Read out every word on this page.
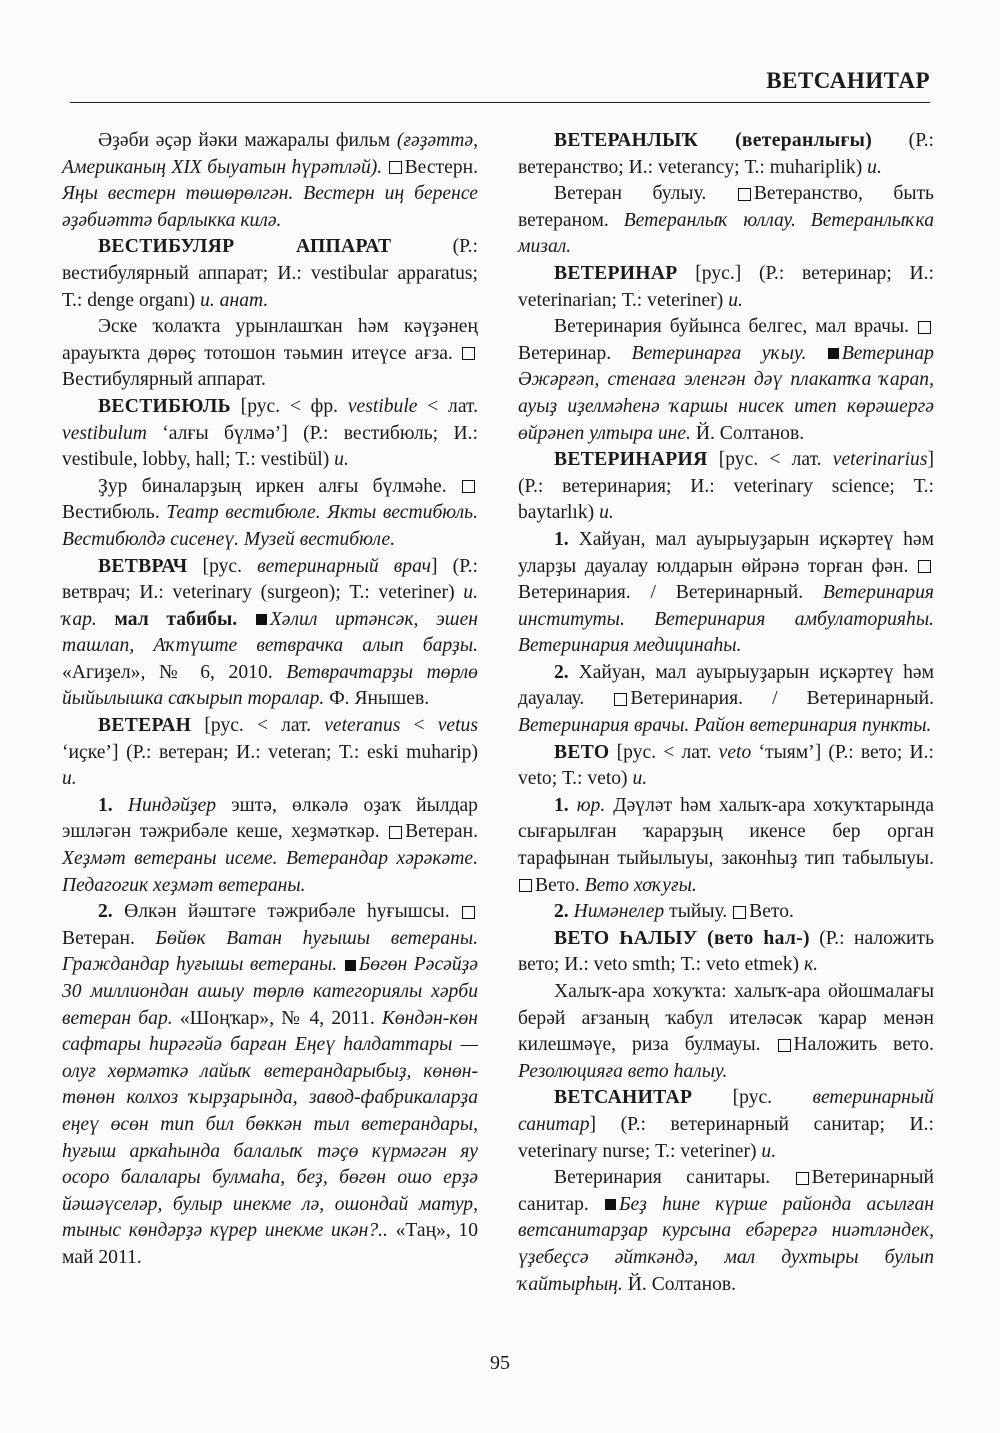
ВЕТСАНИТАР

Әҙәби әҫәр йәки мажаралы фильм (ғәҙәттә, Американың XIX быуатын һүрәтләй). Вестерн. Яңы вестерн төшөрөлгән. Вестерн иң беренсе әҙәбиәттә барлыкка килә.

ВЕСТИБУЛЯР АППАРАТ	(Р.: вестибулярный аппарат; И.: vestibular apparatus; Т.: denge organı) и. анат.

Эске ҡолаҡта урынлашҡан һәм кәүҙәнең арауыҡта дөрөҫ тотошон тәьмин итеүсе ағза. Вестибулярный аппарат.

ВЕСТИБЮЛЬ [рус. < фр. vestibule < лат. vestibulum ‘алғы бүлмә’] (Р.: вестибюль; И.: vestibule, lobby, hall; Т.: vestibül) и.

Ҙур биналарҙың иркен алғы бүлмәһе. Вестибюль. Театр вестибюле. Якты вестибюль. Вестибюлдә сисенеү. Музей вестибюле.

ВЕТВРАЧ [рус. ветеринарный врач] (Р.: ветврач; И.: veterinary (surgeon); Т.: veteriner) и. ҡар. мал табибы. Хәлил иртәнсәк, эшен ташлап, Аҡтүште ветврачка алып барҙы. «Агиҙел», № 6, 2010. Ветврачтарҙы төрлө йыйылышка саҡырып торалар. Ф. Янышев.

ВЕТЕРАН [рус. < лат. veteranus < vetus ‘иҫке’] (Р.: ветеран; И.: veteran; Т.: eski muharip) и.

1. Ниндәйҙер эштә, өлкәлә оҙаҡ йылдар эшләгән тәжрибәле кеше, хеҙмәткәр. Ветеран. Хеҙмәт ветераны исеме. Ветерандар хәрәкәте. Педагогик хеҙмәт ветераны.

2. Өлкән йәштәге тәжрибәле һуғышсы. Ветеран. Бөйөк Ватан һуғышы ветераны. Граждандар һуғышы ветераны. Бөгөн Рәсәйҙә 30 миллиондан ашыу төрлө категориялы хәрби ветеран бар. «Шоңҡар», № 4, 2011. Көндән-көн сафтары һирәгәйә барған Еңеү һалдаттары — олуғ хөрмәткә лайыҡ ветерандарыбыҙ, көнөн-төнөн колхоз ҡырҙарында, завод-фабрикаларҙа еңеү өсөн тип бил бөккән тыл ветерандары, һуғыш аркаһында балалыҡ тәҫө күрмәгән яу осоро балалары булмаһа, беҙ, бөгөн ошо ерҙә йәшәүселәр, булыр инекме лә, ошондай матур, тыныс көндәрҙә күрер инекме икән?.. «Таң», 10 май 2011.

ВЕТЕРАНЛЫҠ (ветеранлығы) (Р.: ветеранство; И.: veterancy; Т.: muhariplik) и.

Ветеран булыу. Ветеранство, быть ветераном. Ветеранлыҡ юллау. Ветеранлыҡка мизал.

ВЕТЕРИНАР [рус.] (Р.: ветеринар; И.: veterinarian; Т.: veteriner) и.

Ветеринария буйынса белгес, мал врачы. Ветеринар. Ветеринарға уҡыу. Ветеринар Әжәрғәп, стенаға эленгән дәү плакатҡа ҡарап, ауыҙ иҙелмәһенә ҡаршы нисек итеп көрәшергә өйрәнеп ултыра ине. Й. Солтанов.

ВЕТЕРИНАРИЯ [рус. < лат. veterinarius] (Р.: ветеринария; И.: veterinary science; Т.: baytarlık) и.

1. Хайуан, мал ауырыуҙарын иҫкәртеү һәм уларҙы дауалау юлдарын өйрәнә торған фән. Ветеринария. / Ветеринарный. Ветеринария институты. Ветеринария амбулаторияһы. Ветеринария медицинаһы.

2. Хайуан, мал ауырыуҙарын иҫкәртеү һәм дауалау. Ветеринария. / Ветеринарный. Ветеринария врачы. Район ветеринария пункты.

ВЕТО [рус. < лат. veto ‘тыям’] (Р.: вето; И.: veto; Т.: veto) и.

1. юр. Дәүләт һәм халыҡ-ара хоҡуҡтарында сығарылған ҡарарҙың икенсе бер орган тарафынан тыйылыуы, законһыҙ тип табылыуы. Вето. Вето хоҡуғы.

2. Нимәнелер тыйыу. Вето.

ВЕТО ҺАЛЫУ (вето һал-) (Р.: наложить вето; И.: veto smth; Т.: veto etmek) к.

Халыҡ-ара хоҡуҡта: халыҡ-ара ойошмалағы берәй ағзаның ҡабул ителәсәк ҡарар менән килешмәүе, риза булмауы. Наложить вето. Резолюцияға вето һалыу.

ВЕТСАНИТАР [рус. ветеринарный санитар] (Р.: ветеринарный санитар; И.: veterinary nurse; Т.: veteriner) и.

Ветеринария санитары. Ветеринарный санитар. Беҙ һине күрше районда асылған ветсанитарҙар курсына ебәрергә ниәтләндек, үҙебеҫсә әйткәндә, мал духтыры булып ҡайтырһың. Й. Солтанов.

95
